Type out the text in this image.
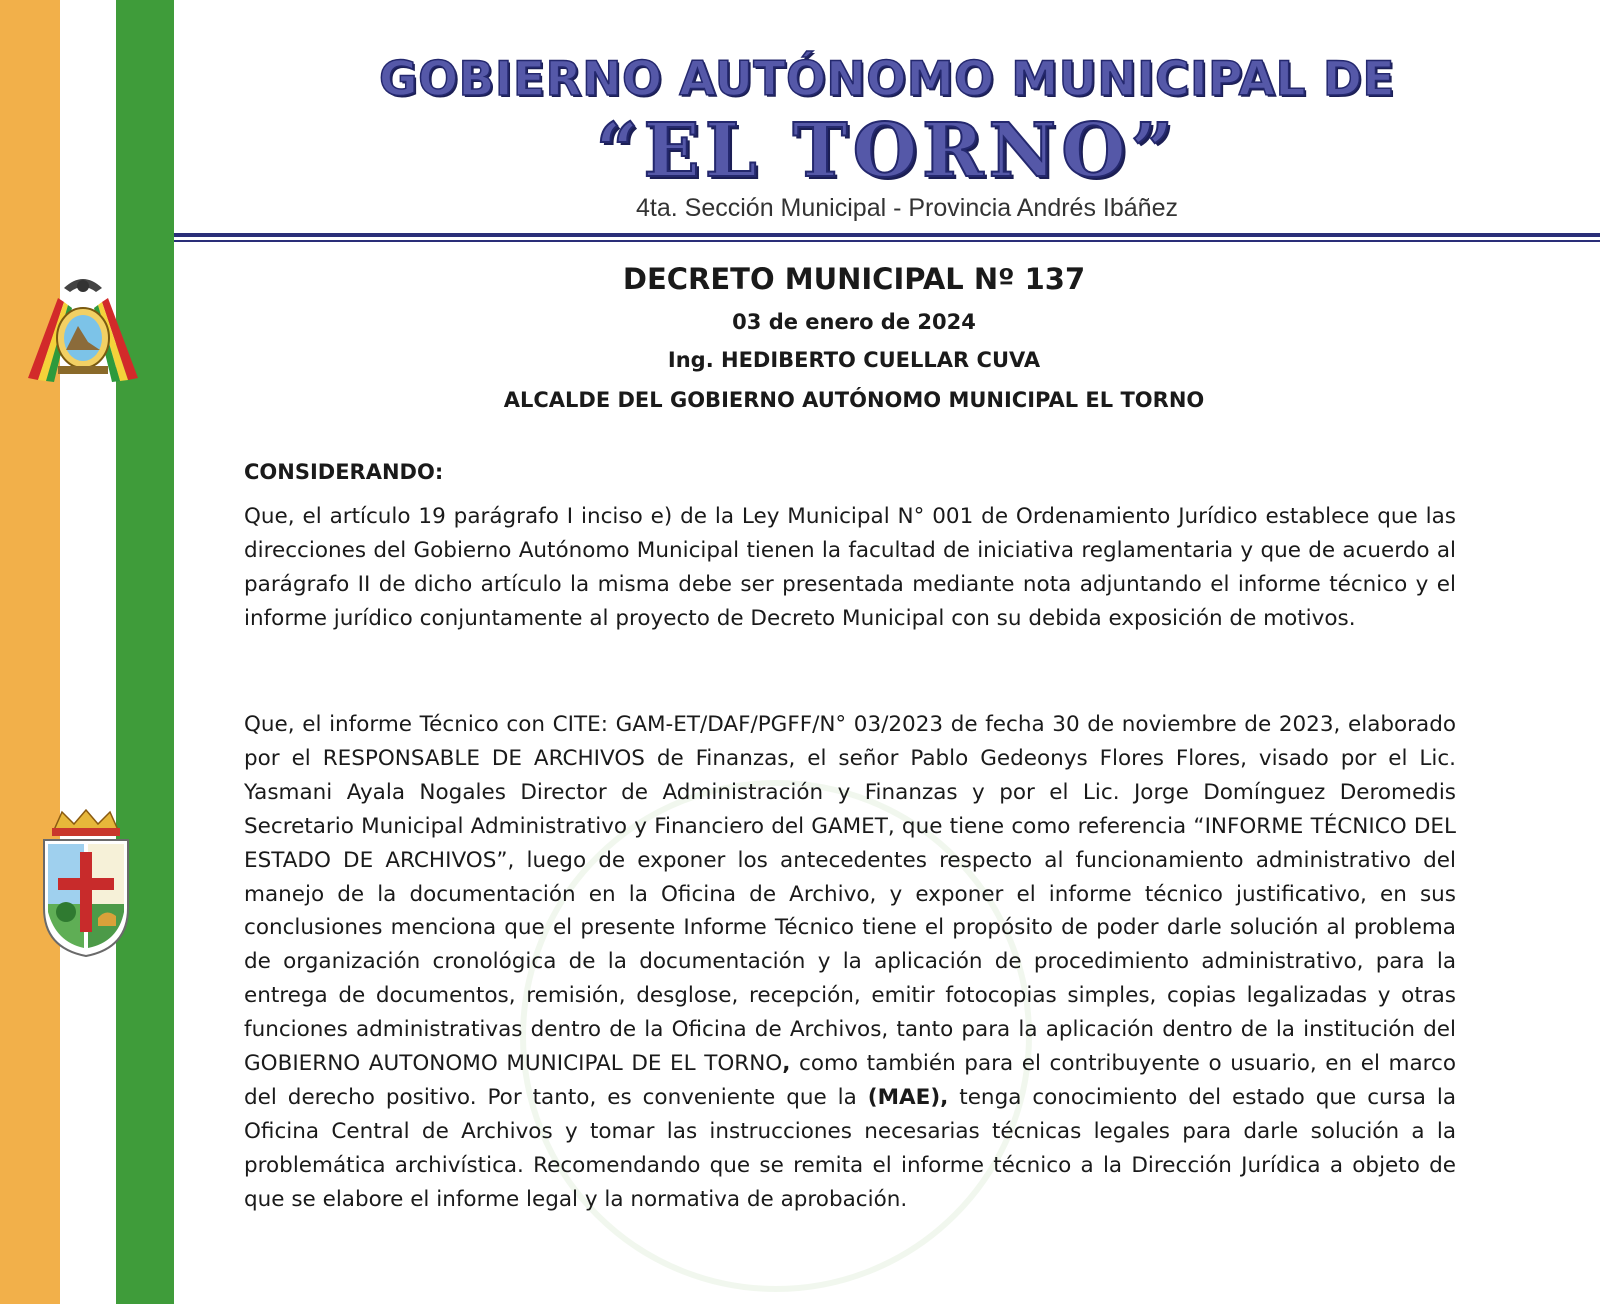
GOBIERNO AUTÓNOMO MUNICIPAL DE
“EL TORNO”
4ta. Sección Municipal - Provincia Andrés Ibáñez
DECRETO MUNICIPAL Nº 137
03 de enero de 2024
Ing. HEDIBERTO CUELLAR CUVA
ALCALDE DEL GOBIERNO AUTÓNOMO MUNICIPAL EL TORNO
CONSIDERANDO:

Que, el artículo 19 parágrafo I inciso e) de la Ley Municipal N° 001 de Ordenamiento Jurídico establece que las direcciones del Gobierno Autónomo Municipal tienen la facultad de iniciativa reglamentaria y que de acuerdo al parágrafo II de dicho artículo la misma debe ser presentada mediante nota adjuntando el informe técnico y el informe jurídico conjuntamente al proyecto de Decreto Municipal con su debida exposición de motivos.

Que, el informe Técnico con CITE: GAM-ET/DAF/PGFF/N° 03/2023 de fecha 30 de noviembre de 2023, elaborado por el RESPONSABLE DE ARCHIVOS de Finanzas, el señor Pablo Gedeonys Flores Flores, visado por el Lic. Yasmani Ayala Nogales Director de Administración y Finanzas y por el Lic. Jorge Domínguez Deromedis Secretario Municipal Administrativo y Financiero del GAMET, que tiene como referencia “INFORME TÉCNICO DEL ESTADO DE ARCHIVOS”, luego de exponer los antecedentes respecto al funcionamiento administrativo del manejo de la documentación en la Oficina de Archivo, y exponer el informe técnico justificativo, en sus conclusiones menciona que el presente Informe Técnico tiene el propósito de poder darle solución al problema de organización cronológica de la documentación y la aplicación de procedimiento administrativo, para la entrega de documentos, remisión, desglose, recepción, emitir fotocopias simples, copias legalizadas y otras funciones administrativas dentro de la Oficina de Archivos, tanto para la aplicación dentro de la institución del GOBIERNO AUTONOMO MUNICIPAL DE EL TORNO, como también para el contribuyente o usuario, en el marco del derecho positivo. Por tanto, es conveniente que la (MAE), tenga conocimiento del estado que cursa la Oficina Central de Archivos y tomar las instrucciones necesarias técnicas legales para darle solución a la problemática archivística. Recomendando que se remita el informe técnico a la Dirección Jurídica a objeto de que se elabore el informe legal y la normativa de aprobación.
